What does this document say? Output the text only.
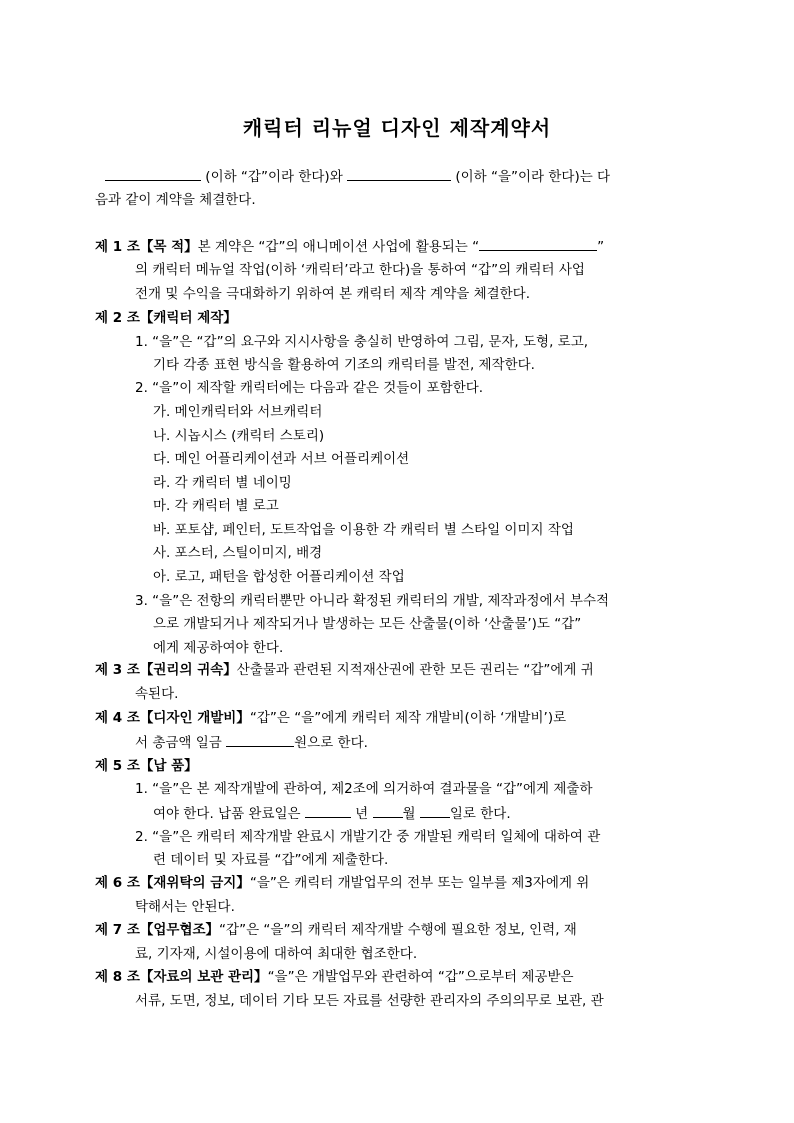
캐릭터 리뉴얼 디자인 제작계약서
(이하 “갑”이라 한다)와	(이하 “을”이라 한다)는 다
음과 같이 계약을 체결한다.
제 1 조【목 적】본 계약은 “갑”의 애니메이션 사업에 활용되는 “	”
의 캐릭터 메뉴얼 작업(이하 ‘캐릭터’라고 한다)을 통하여 “갑”의 캐릭터 사업
전개 및 수익을 극대화하기 위하여 본 캐릭터 제작 계약을 체결한다.
제 2 조【캐릭터 제작】
1. “을”은 “갑”의 요구와 지시사항을 충실히 반영하여 그림, 문자, 도형, 로고,
기타 각종 표현 방식을 활용하여 기조의 캐릭터를 발전, 제작한다.
2. “을”이 제작할 캐릭터에는 다음과 같은 것들이 포함한다.
가. 메인캐릭터와 서브캐릭터
나. 시놉시스 (캐릭터 스토리)
다. 메인 어플리케이션과 서브 어플리케이션
라. 각 캐릭터 별 네이밍
마. 각 캐릭터 별 로고
바. 포토샵, 페인터, 도트작업을 이용한 각 캐릭터 별 스타일 이미지 작업
사. 포스터, 스틸이미지, 배경
아. 로고, 패턴을 합성한 어플리케이션 작업
3. “을”은 전항의 캐릭터뿐만 아니라 확정된 캐릭터의 개발, 제작과정에서 부수적
으로 개발되거나 제작되거나 발생하는 모든 산출물(이하 ‘산출물’)도 “갑”
에게 제공하여야 한다.
제 3 조【권리의 귀속】산출물과 관련된 지적재산권에 관한 모든 권리는 “갑”에게 귀
속된다.
제 4 조【디자인 개발비】“갑”은 “을”에게 캐릭터 제작 개발비(이하 ‘개발비’)로
서 총금액 일금	원으로 한다.
제 5 조【납 품】
1. “을”은 본 제작개발에 관하여, 제2조에 의거하여 결과물을 “갑”에게 제출하
여야 한다. 납품 완료일은	년	월	일로 한다.
2. “을”은 캐릭터 제작개발 완료시 개발기간 중 개발된 캐릭터 일체에 대하여 관
련 데이터 및 자료를 “갑”에게 제출한다.
제 6 조【재위탁의 금지】“을”은 캐릭터 개발업무의 전부 또는 일부를 제3자에게 위
탁해서는 안된다.
제 7 조【업무협조】“갑”은 “을”의 캐릭터 제작개발 수행에 필요한 정보, 인력, 재
료, 기자재, 시설이용에 대하여 최대한 협조한다.
제 8 조【자료의 보관 관리】“을”은 개발업무와 관련하여 “갑”으로부터 제공받은
서류, 도면, 정보, 데이터 기타 모든 자료를 선량한 관리자의 주의의무로 보관, 관
